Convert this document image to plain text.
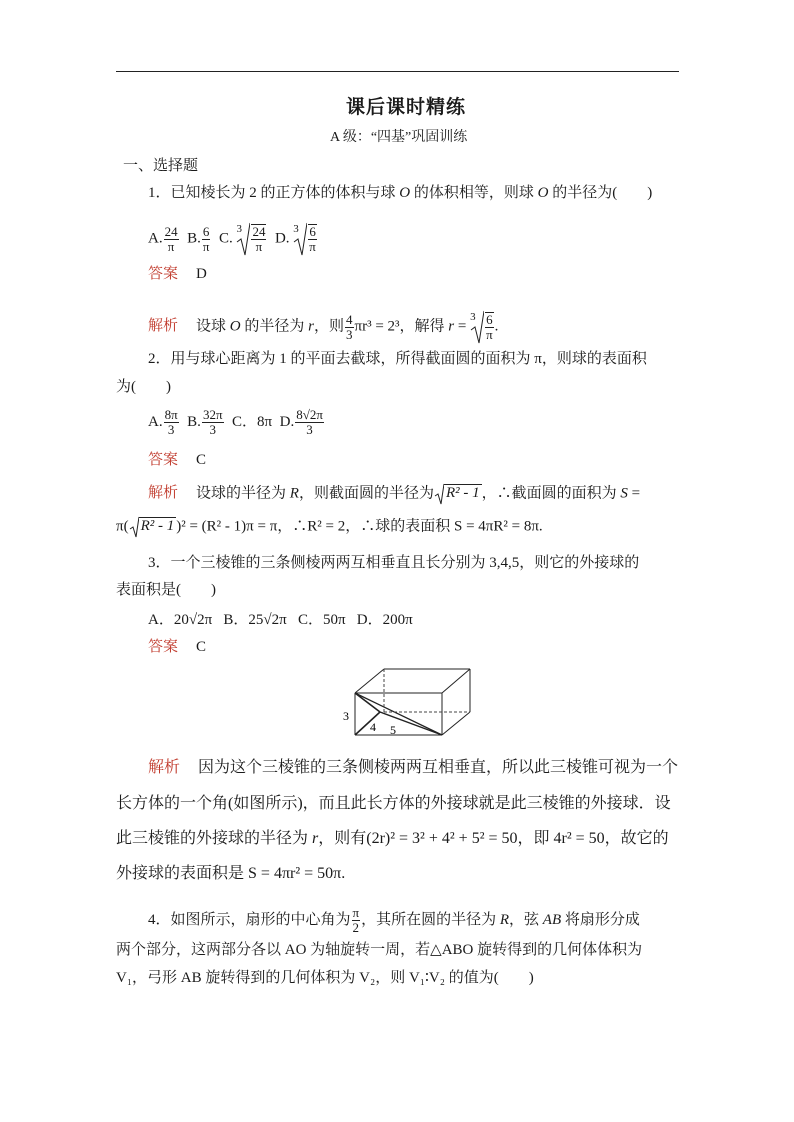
课后课时精练
A 级：“四基”巩固训练
一、选择题
1．已知棱长为 2 的正方体的体积与球 O 的体积相等，则球 O 的半径为(　　)
A. $\frac{24}{\pi} B$. $\frac{6}{\pi} C$.
$3 \frac{24}{\pi} D$.
$3 \frac{6}{\pi}$
答案 D
解析 设球 O 的半径为 r，则 $\frac{4}{3} \pi r^3 = 2^3$，解得 r =
$3 \frac{6}{\pi}$ .
2．用与球心距离为 1 的平面去截球，所得截面圆的面积为 π，则球的表面积
为(　　)
A. $\frac{8\pi}{3} B$. $\frac{32\pi}{3}$ C．8π D. $\frac{8√2\pi}{3}$
答案 C
解析 设球的半径为 R，则截面圆的半径为 R² - 1 ，∴截面圆的面积为 S =
π( R² - 1 )² = (R² - 1)π = π，∴R² = 2，∴球的表面积 S = 4πR² = 8π.
3．一个三棱锥的三条侧棱两两互相垂直且长分别为 3,4,5，则它的外接球的
表面积是(　　)
A．20√2π B．25√2π C．50π D．200π
答案 C
3
4 5
解析 因为这个三棱锥的三条侧棱两两互相垂直，所以此三棱锥可视为一个
长方体的一个角(如图所示)，而且此长方体的外接球就是此三棱锥的外接球．设
此三棱锥的外接球的半径为 r，则有(2r)² = 3² + 4² + 5² = 50，即 4r² = 50，故它的
外接球的表面积是 S = 4πr² = 50π.
4．如图所示，扇形的中心角为 $\frac{\pi}{2}$ ，其所在圆的半径为 R，弦 AB 将扇形分成
两个部分，这两部分各以 AO 为轴旋转一周，若△ABO 旋转得到的几何体体积为
V₁，弓形 AB 旋转得到的几何体积为 V₂，则 V₁∶V₂ 的值为(　　)
